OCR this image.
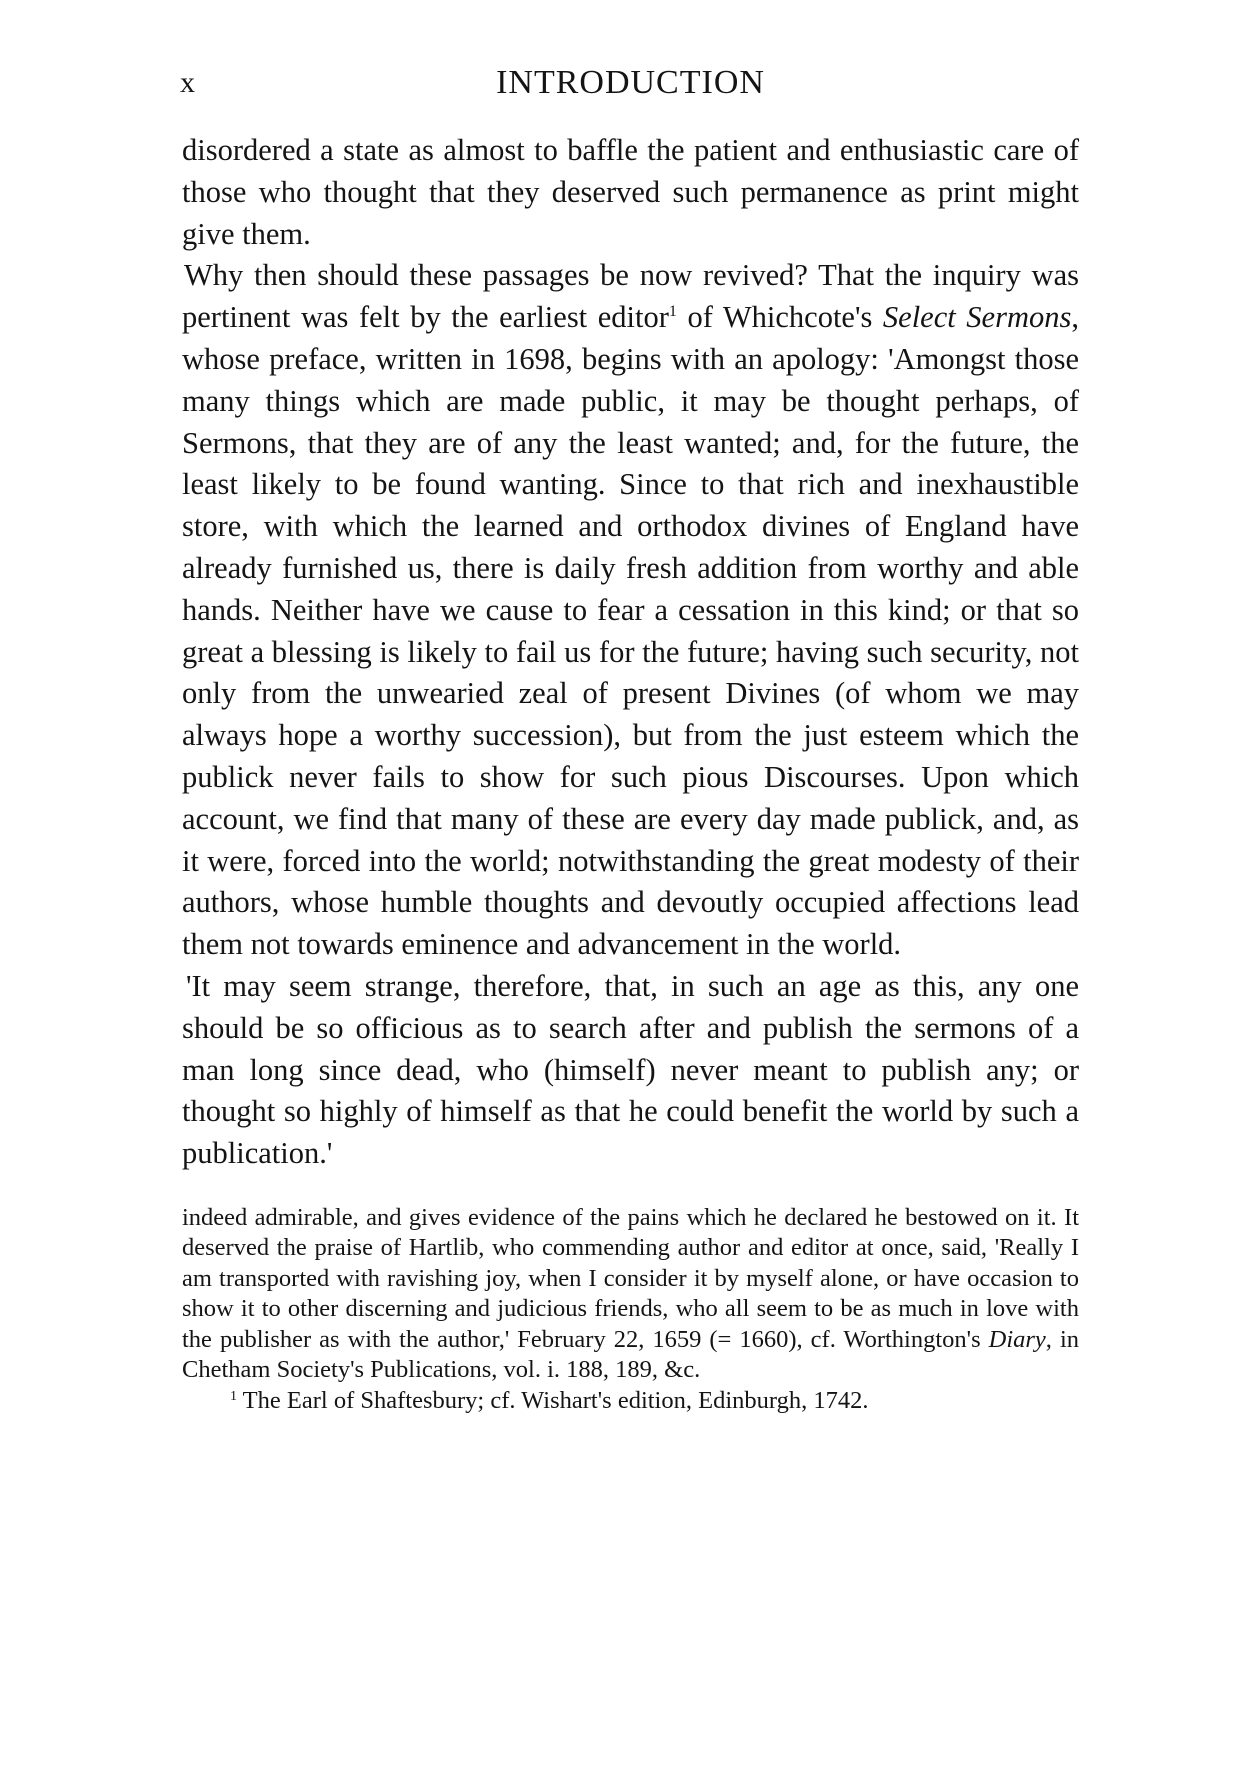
x	INTRODUCTION

disordered a state as almost to baffle the patient and enthusiastic care of those who thought that they deserved such permanence as print might give them.

Why then should these passages be now revived? That the inquiry was pertinent was felt by the earliest editor$^1$ of Whichcote's Select Sermons, whose preface, written in 1698, begins with an apology: 'Amongst those many things which are made public, it may be thought perhaps, of Sermons, that they are of any the least wanted; and, for the future, the least likely to be found wanting. Since to that rich and inexhaustible store, with which the learned and orthodox divines of England have already furnished us, there is daily fresh addition from worthy and able hands. Neither have we cause to fear a cessation in this kind; or that so great a blessing is likely to fail us for the future; having such security, not only from the unwearied zeal of present Divines (of whom we may always hope a worthy succession), but from the just esteem which the publick never fails to show for such pious Discourses. Upon which account, we find that many of these are every day made publick, and, as it were, forced into the world; notwithstanding the great modesty of their authors, whose humble thoughts and devoutly occupied affections lead them not towards eminence and advancement in the world.

'It may seem strange, therefore, that, in such an age as this, any one should be so officious as to search after and publish the sermons of a man long since dead, who (himself) never meant to publish any; or thought so highly of himself as that he could benefit the world by such a publication.'

indeed admirable, and gives evidence of the pains which he declared he bestowed on it. It deserved the praise of Hartlib, who commending author and editor at once, said, 'Really I am transported with ravishing joy, when I consider it by myself alone, or have occasion to show it to other discerning and judicious friends, who all seem to be as much in love with the publisher as with the author,' February 22, 1659 (= 1660), cf. Worthington's Diary, in Chetham Society's Publications, vol. i. 188, 189, &c.

$^1$ The Earl of Shaftesbury; cf. Wishart's edition, Edinburgh, 1742.
